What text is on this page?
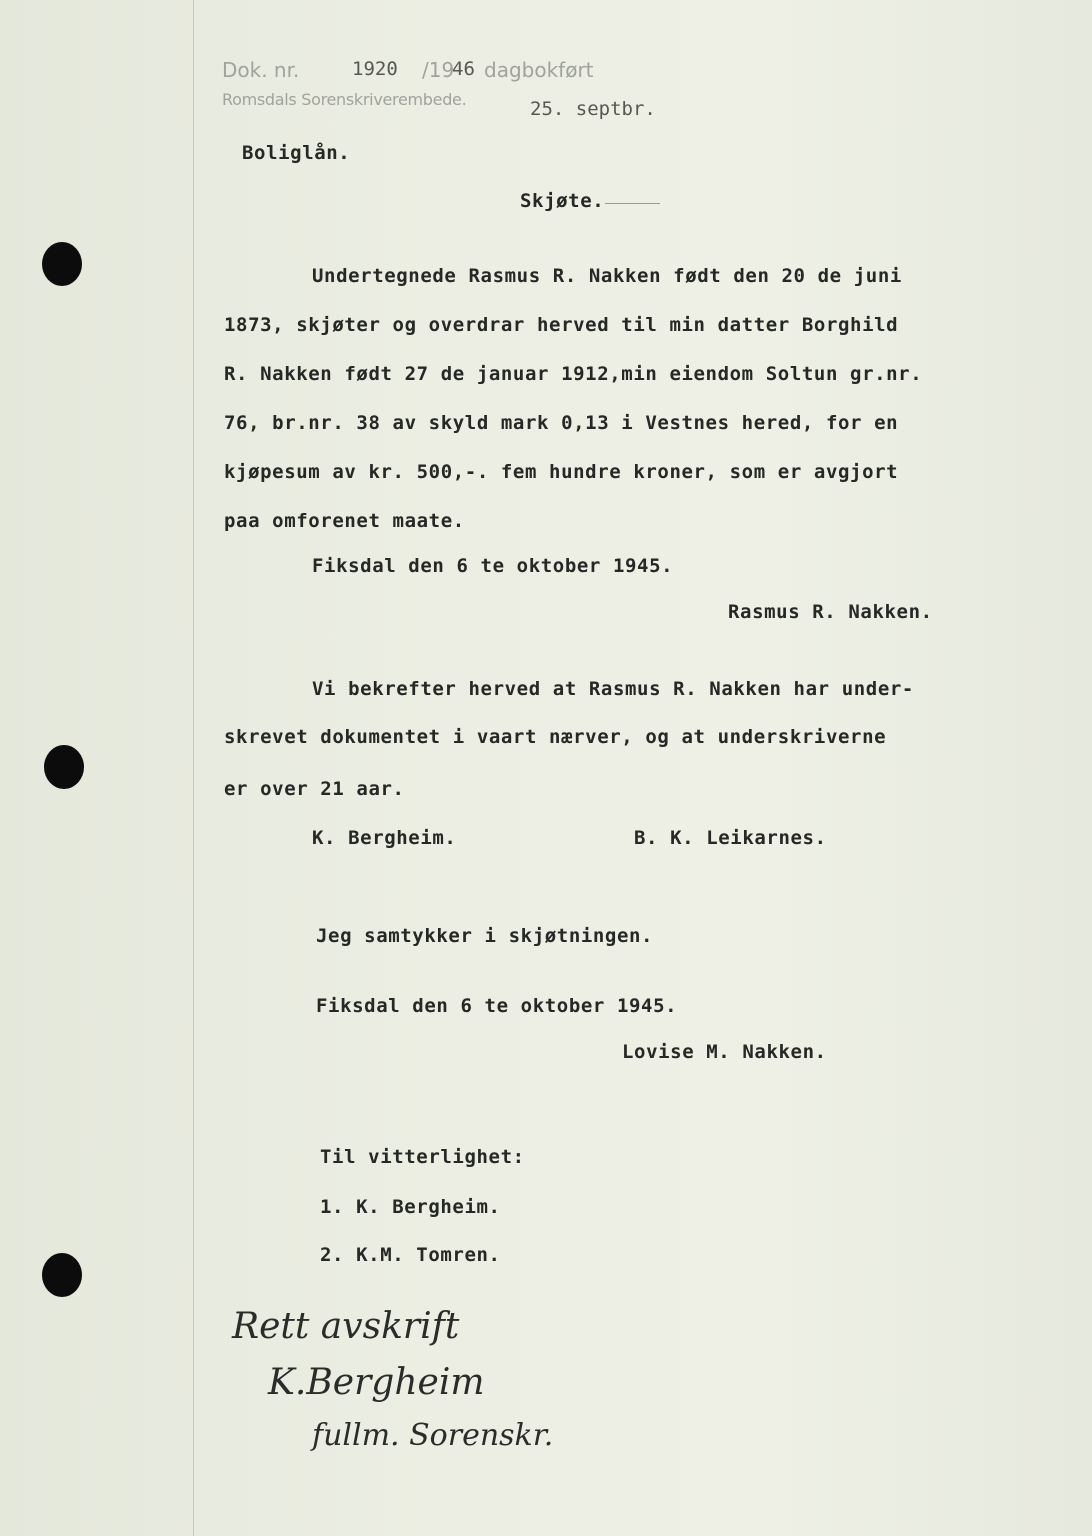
Dok. nr.	1920 /19
46 dagbokført
Romsdals Sorenskriverembede.	25. septbr.
Boliglån.
Skjøte.
Undertegnede Rasmus R. Nakken født den 20 de juni
1873, skjøter og overdrar herved til min datter Borghild
R. Nakken født 27 de januar 1912,min eiendom Soltun gr.nr.
76, br.nr. 38 av skyld mark 0,13 i Vestnes hered, for en
kjøpesum av kr. 500,-. fem hundre kroner, som er avgjort
paa omforenet maate.
Fiksdal den 6 te oktober 1945.
Rasmus R. Nakken.
Vi bekrefter herved at Rasmus R. Nakken har under-
skrevet dokumentet i vaart nærver, og at underskriverne
er over 21 aar.
K. Bergheim.	B. K. Leikarnes.
Jeg samtykker i skjøtningen.
Fiksdal den 6 te oktober 1945.
Lovise M. Nakken.
Til vitterlighet:
1. K. Bergheim.
2. K.M. Tomren.
Rett avskrift
K.Bergheim
fullm. Sorenskr.
